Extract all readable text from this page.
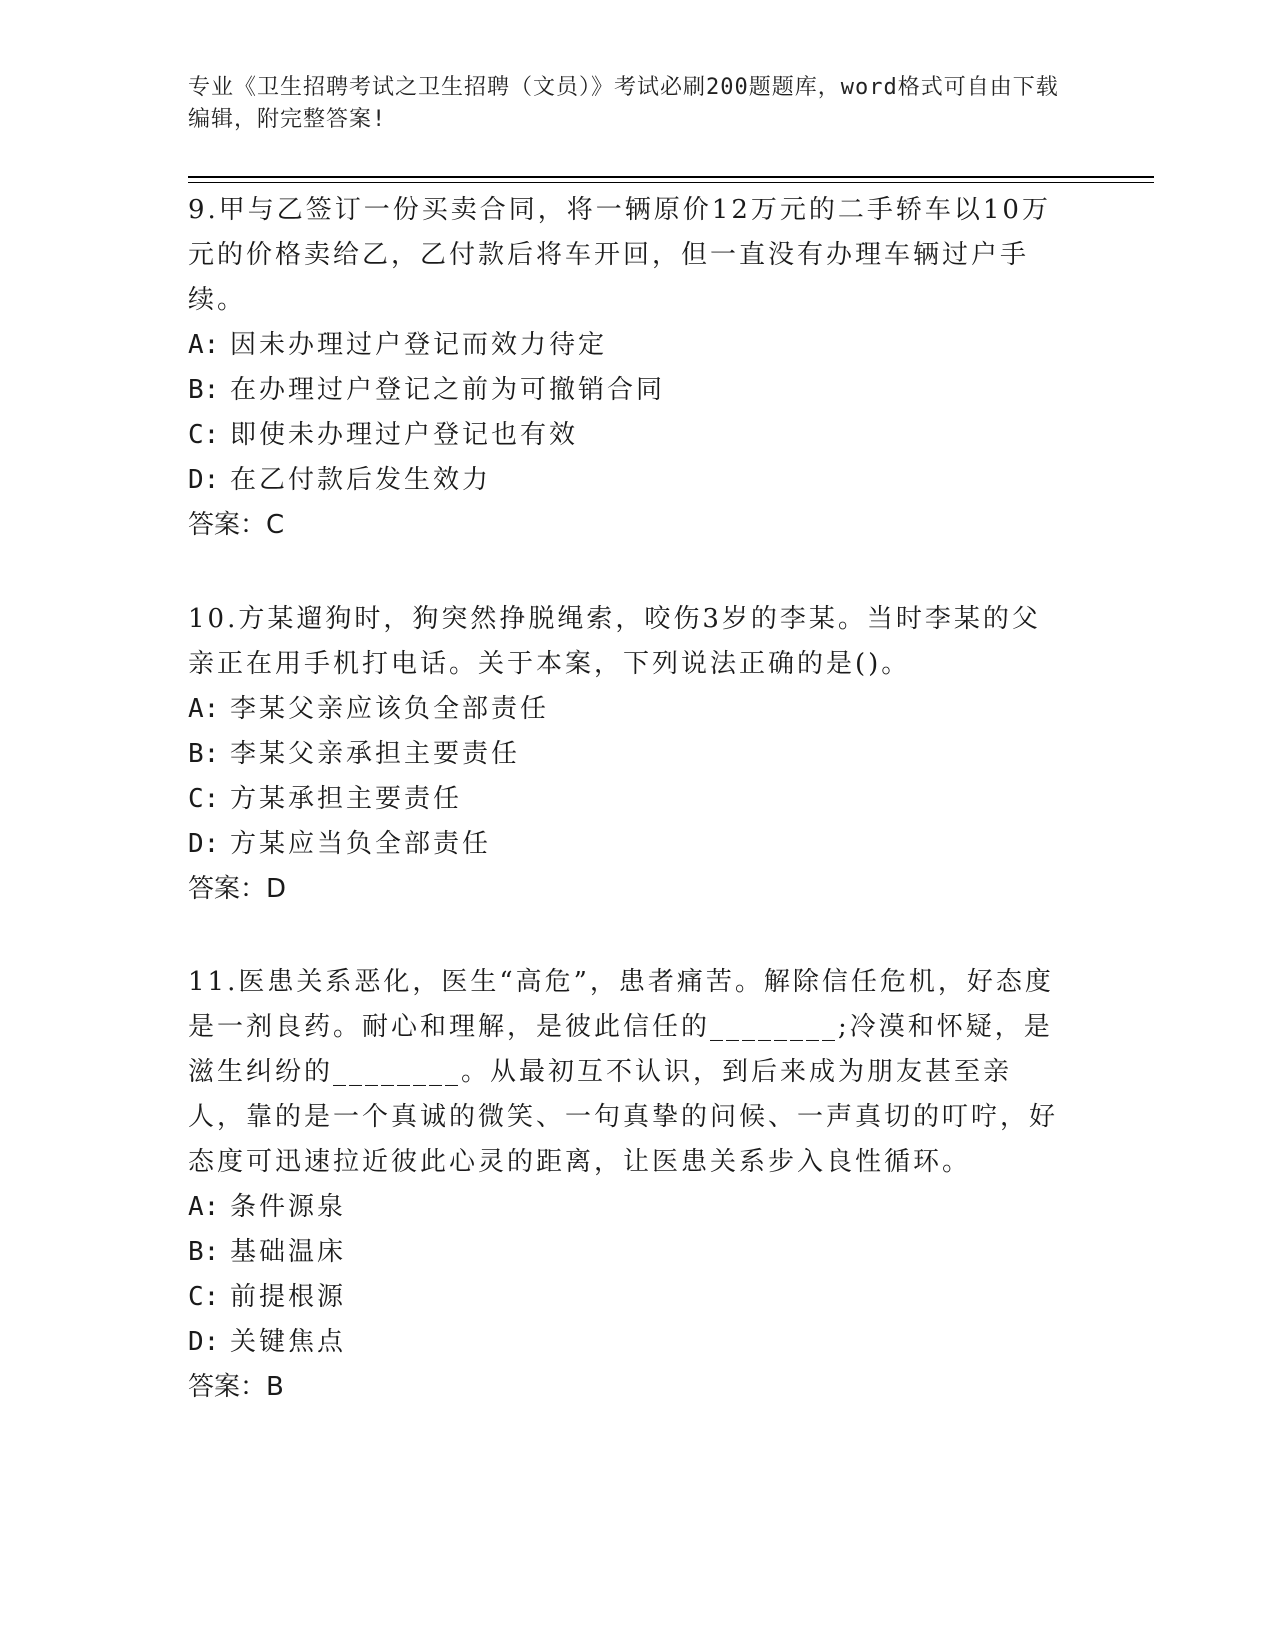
专业《卫生招聘考试之卫生招聘（文员）》考试必刷200题题库，word格式可自由下载编辑，附完整答案!
9.甲与乙签订一份买卖合同，将一辆原价12万元的二手轿车以10万元的价格卖给乙，乙付款后将车开回，但一直没有办理车辆过户手续。
A: 因未办理过户登记而效力待定
B: 在办理过户登记之前为可撤销合同
C: 即使未办理过户登记也有效
D: 在乙付款后发生效力
答案：C
10.方某遛狗时，狗突然挣脱绳索，咬伤3岁的李某。当时李某的父亲正在用手机打电话。关于本案，下列说法正确的是()。
A: 李某父亲应该负全部责任
B: 李某父亲承担主要责任
C: 方某承担主要责任
D: 方某应当负全部责任
答案：D
11.医患关系恶化，医生“高危”，患者痛苦。解除信任危机，好态度是一剂良药。耐心和理解，是彼此信任的________;冷漠和怀疑，是滋生纠纷的________。从最初互不认识，到后来成为朋友甚至亲人，靠的是一个真诚的微笑、一句真挚的问候、一声真切的叮咛，好态度可迅速拉近彼此心灵的距离，让医患关系步入良性循环。
A: 条件源泉
B: 基础温床
C: 前提根源
D: 关键焦点
答案：B
